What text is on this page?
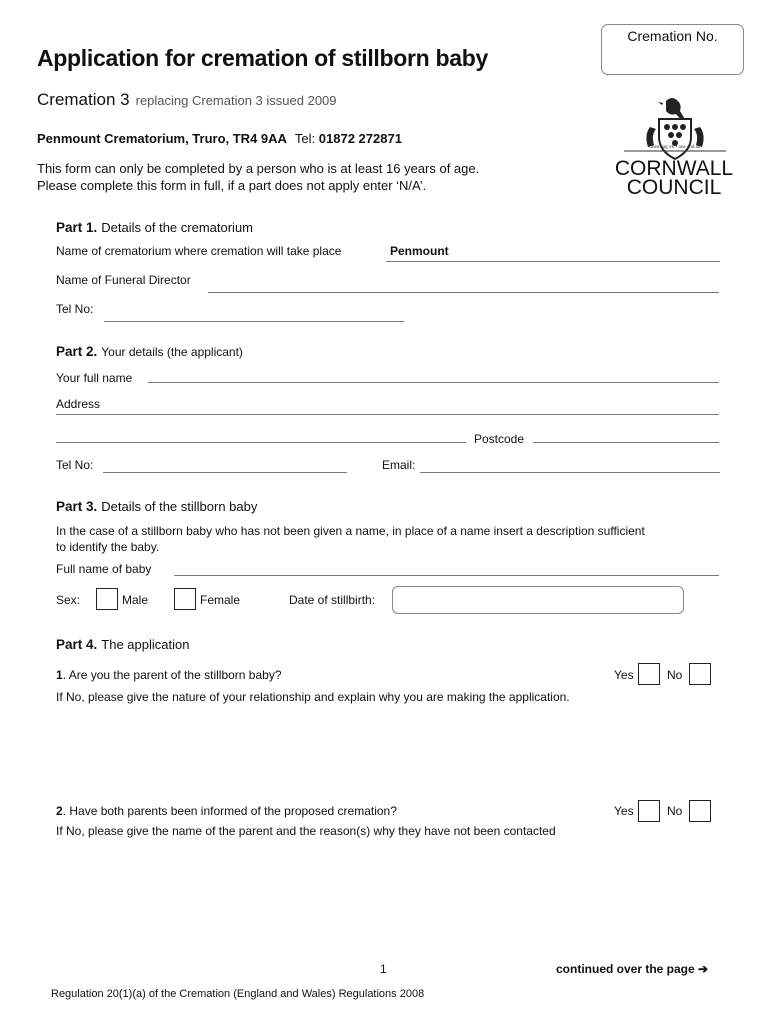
Application for cremation of stillborn baby
Cremation 3 replacing Cremation 3 issued 2009
Penmount Crematorium, Truro, TR4 9AA Tel: 01872 272871
This form can only be completed by a person who is at least 16 years of age.
Please complete this form in full, if a part does not apply enter ‘N/A’.
Cremation No.
onen hag oll • one and all
CORNWALL
COUNCIL
Part 1. Details of the crematorium
Name of crematorium where cremation will take place	Penmount
Name of Funeral Director
Tel No:
Part 2. Your details (the applicant)
Your full name
Address
Postcode
Tel No:	Email:
Part 3. Details of the stillborn baby
In the case of a stillborn baby who has not been given a name, in place of a name insert a description sufficient
to identify the baby.
Full name of baby
Sex:	Male	Female	Date of stillbirth:
Part 4. The application
1. Are you the parent of the stillborn baby?	Yes	No
If No, please give the nature of your relationship and explain why you are making the application.
2. Have both parents been informed of the proposed cremation?	Yes	No
If No, please give the name of the parent and the reason(s) why they have not been contacted
1	continued over the page ➔
Regulation 20(1)(a) of the Cremation (England and Wales) Regulations 2008
